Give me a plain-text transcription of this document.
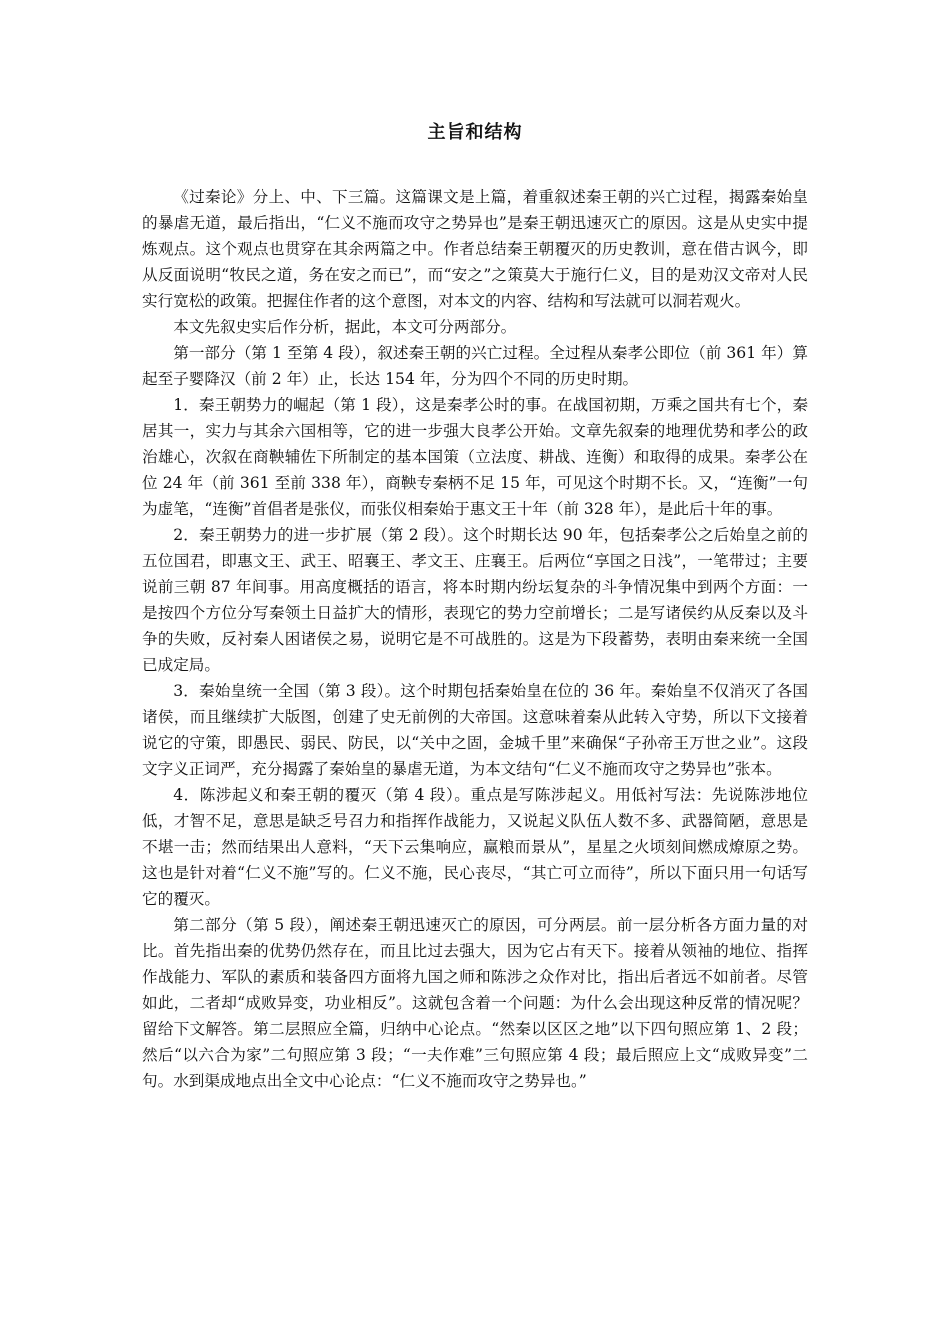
主旨和结构

《过秦论》分上、中、下三篇。这篇课文是上篇，着重叙述秦王朝的兴亡过程，揭露秦始皇的暴虐无道，最后指出，“仁义不施而攻守之势异也”是秦王朝迅速灭亡的原因。这是从史实中提炼观点。这个观点也贯穿在其余两篇之中。作者总结秦王朝覆灭的历史教训，意在借古讽今，即从反面说明“牧民之道，务在安之而已”，而“安之”之策莫大于施行仁义，目的是劝汉文帝对人民实行宽松的政策。把握住作者的这个意图，对本文的内容、结构和写法就可以洞若观火。

本文先叙史实后作分析，据此，本文可分两部分。

第一部分（第 1 至第 4 段），叙述秦王朝的兴亡过程。全过程从秦孝公即位（前 361 年）算起至子婴降汉（前 2 年）止，长达 154 年，分为四个不同的历史时期。

1．秦王朝势力的崛起（第 1 段），这是秦孝公时的事。在战国初期，万乘之国共有七个，秦居其一，实力与其余六国相等，它的进一步强大良孝公开始。文章先叙秦的地理优势和孝公的政治雄心，次叙在商鞅辅佐下所制定的基本国策（立法度、耕战、连衡）和取得的成果。秦孝公在位 24 年（前 361 至前 338 年），商鞅专秦柄不足 15 年，可见这个时期不长。又，“连衡”一句为虚笔，“连衡”首倡者是张仪，而张仪相秦始于惠文王十年（前 328 年），是此后十年的事。

2．秦王朝势力的进一步扩展（第 2 段）。这个时期长达 90 年，包括秦孝公之后始皇之前的五位国君，即惠文王、武王、昭襄王、孝文王、庄襄王。后两位“享国之日浅”，一笔带过；主要说前三朝 87 年间事。用高度概括的语言，将本时期内纷坛复杂的斗争情况集中到两个方面：一是按四个方位分写秦领土日益扩大的情形，表现它的势力空前增长；二是写诸侯约从反秦以及斗争的失败，反衬秦人困诸侯之易，说明它是不可战胜的。这是为下段蓄势，表明由秦来统一全国已成定局。

3．秦始皇统一全国（第 3 段）。这个时期包括秦始皇在位的 36 年。秦始皇不仅消灭了各国诸侯，而且继续扩大版图，创建了史无前例的大帝国。这意味着秦从此转入守势，所以下文接着说它的守策，即愚民、弱民、防民，以“关中之固，金城千里”来确保“子孙帝王万世之业”。这段文字义正词严，充分揭露了秦始皇的暴虐无道，为本文结句“仁义不施而攻守之势异也”张本。

4．陈涉起义和秦王朝的覆灭（第 4 段）。重点是写陈涉起义。用低衬写法：先说陈涉地位低，才智不足，意思是缺乏号召力和指挥作战能力，又说起义队伍人数不多、武器简陋，意思是不堪一击；然而结果出人意料，“天下云集响应，赢粮而景从”，星星之火顷刻间燃成燎原之势。这也是针对着“仁义不施”写的。仁义不施，民心丧尽，“其亡可立而待”，所以下面只用一句话写它的覆灭。

第二部分（第 5 段），阐述秦王朝迅速灭亡的原因，可分两层。前一层分析各方面力量的对比。首先指出秦的优势仍然存在，而且比过去强大，因为它占有天下。接着从领袖的地位、指挥作战能力、军队的素质和装备四方面将九国之师和陈涉之众作对比，指出后者远不如前者。尽管如此，二者却“成败异变，功业相反”。这就包含着一个问题：为什么会出现这种反常的情况呢？留给下文解答。第二层照应全篇，归纳中心论点。“然秦以区区之地”以下四句照应第 1、2 段；然后“以六合为家”二句照应第 3 段；“一夫作难”三句照应第 4 段；最后照应上文“成败异变”二句。水到渠成地点出全文中心论点：“仁义不施而攻守之势异也。”
